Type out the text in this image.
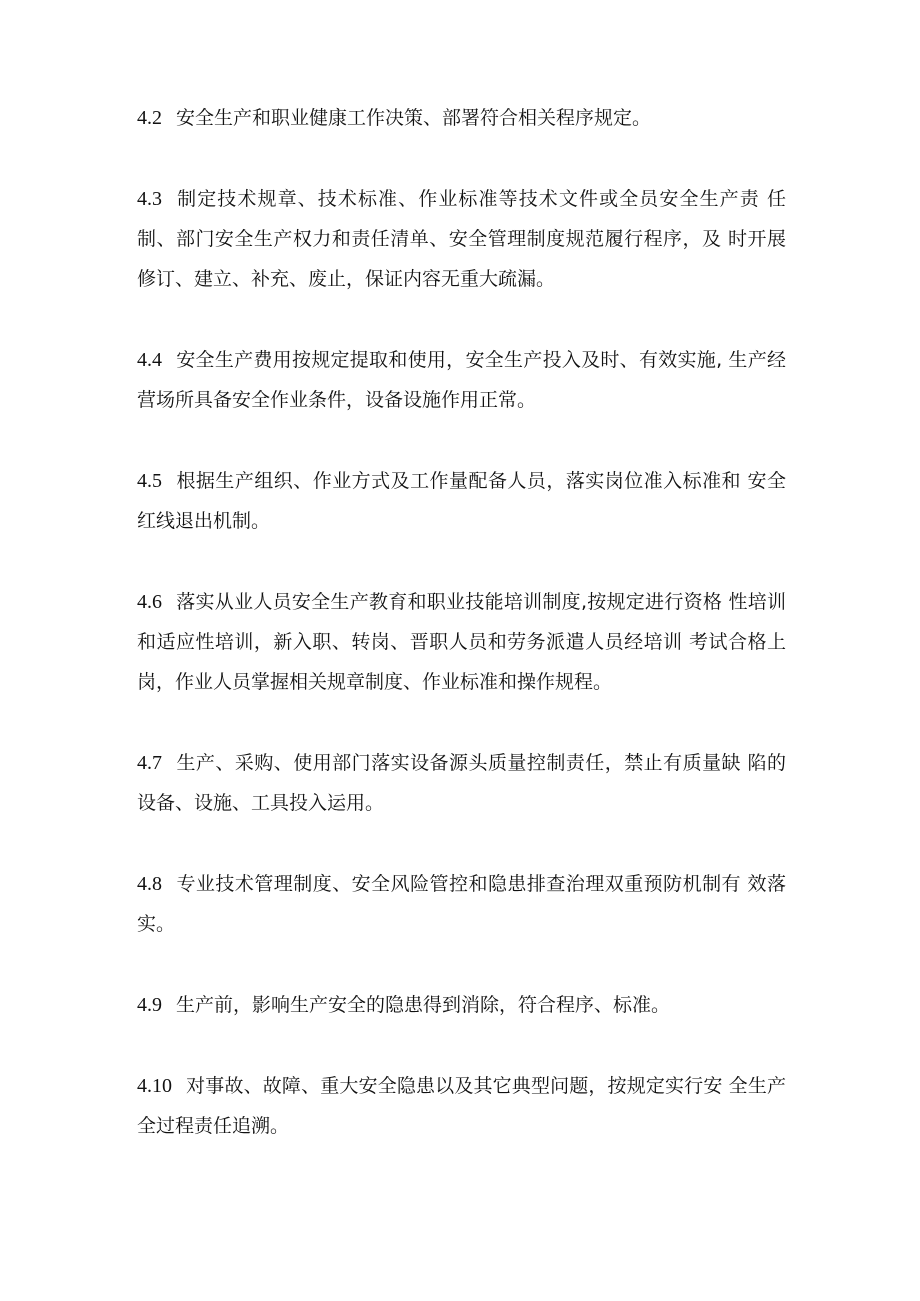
4.2 安全生产和职业健康工作决策、部署符合相关程序规定。

4.3 制定技术规章、技术标准、作业标准等技术文件或全员安全生产责 任制、部门安全生产权力和责任清单、安全管理制度规范履行程序，及 时开展修订、建立、补充、废止，保证内容无重大疏漏。

4.4 安全生产费用按规定提取和使用，安全生产投入及时、有效实施, 生产经营场所具备安全作业条件，设备设施作用正常。

4.5 根据生产组织、作业方式及工作量配备人员，落实岗位准入标准和 安全红线退出机制。

4.6 落实从业人员安全生产教育和职业技能培训制度,按规定进行资格 性培训和适应性培训，新入职、转岗、晋职人员和劳务派遣人员经培训 考试合格上岗，作业人员掌握相关规章制度、作业标准和操作规程。

4.7 生产、采购、使用部门落实设备源头质量控制责任，禁止有质量缺 陷的设备、设施、工具投入运用。

4.8 专业技术管理制度、安全风险管控和隐患排查治理双重预防机制有 效落实。

4.9 生产前，影响生产安全的隐患得到消除，符合程序、标准。

4.10 对事故、故障、重大安全隐患以及其它典型问题，按规定实行安 全生产全过程责任追溯。
